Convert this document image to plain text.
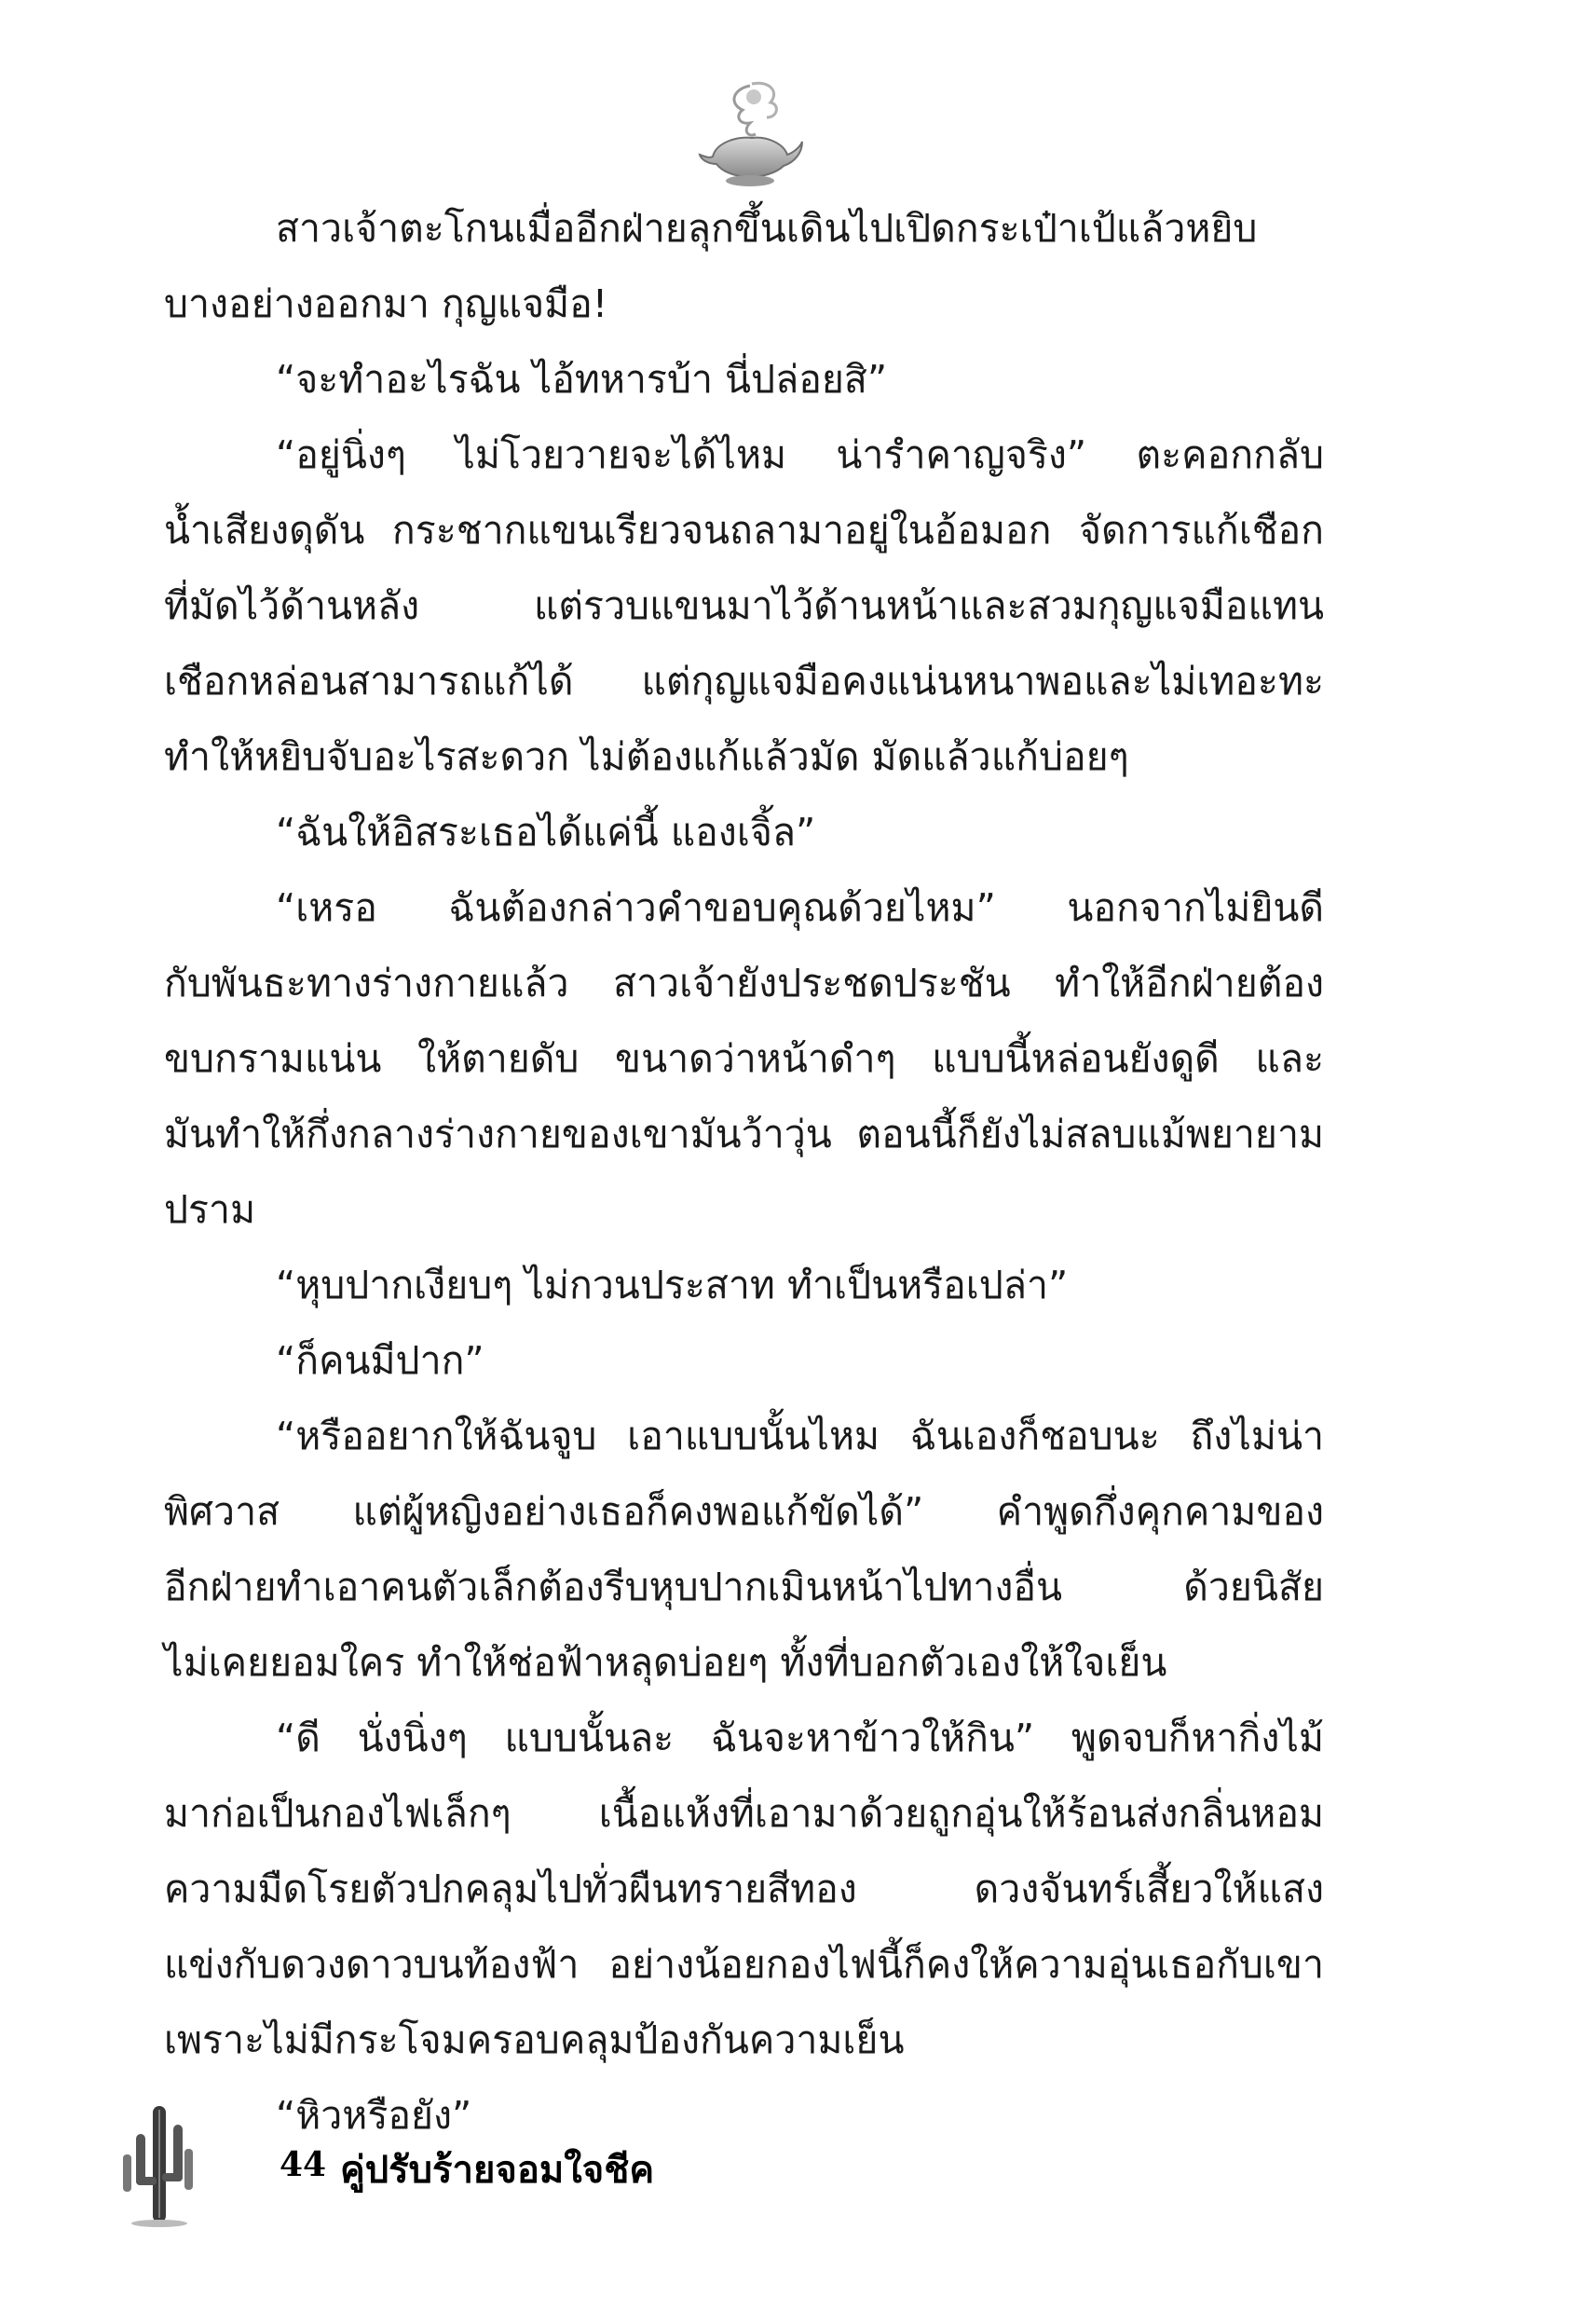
สาวเจ้าตะโกนเมื่ออีกฝ่ายลุกขึ้นเดินไปเปิดกระเป๋าเป้แล้วหยิบ
บางอย่างออกมา กุญแจมือ!
“จะทำอะไรฉัน ไอ้ทหารบ้า นี่ปล่อยสิ”
“อยู่นิ่งๆ ไม่โวยวายจะได้ไหม น่ารำคาญจริง” ตะคอกกลับ
น้ำเสียงดุดัน กระชากแขนเรียวจนถลามาอยู่ในอ้อมอก จัดการแก้เชือก
ที่มัดไว้ด้านหลัง แต่รวบแขนมาไว้ด้านหน้าและสวมกุญแจมือแทน
เชือกหล่อนสามารถแก้ได้ แต่กุญแจมือคงแน่นหนาพอและไม่เทอะทะ
ทำให้หยิบจับอะไรสะดวก ไม่ต้องแก้แล้วมัด มัดแล้วแก้บ่อยๆ
“ฉันให้อิสระเธอได้แค่นี้ แองเจิ้ล”
“เหรอ ฉันต้องกล่าวคำขอบคุณด้วยไหม” นอกจากไม่ยินดี
กับพันธะทางร่างกายแล้ว สาวเจ้ายังประชดประชัน ทำให้อีกฝ่ายต้อง
ขบกรามแน่น ให้ตายดับ ขนาดว่าหน้าดำๆ แบบนี้หล่อนยังดูดี และ
มันทำให้กึ่งกลางร่างกายของเขามันว้าวุ่น ตอนนี้ก็ยังไม่สลบแม้พยายาม
ปราม
“หุบปากเงียบๆ ไม่กวนประสาท ทำเป็นหรือเปล่า”
“ก็คนมีปาก”
“หรืออยากให้ฉันจูบ เอาแบบนั้นไหม ฉันเองก็ชอบนะ ถึงไม่น่า
พิศวาส แต่ผู้หญิงอย่างเธอก็คงพอแก้ขัดได้” คำพูดกึ่งคุกคามของ
อีกฝ่ายทำเอาคนตัวเล็กต้องรีบหุบปากเมินหน้าไปทางอื่น ด้วยนิสัย
ไม่เคยยอมใคร ทำให้ช่อฟ้าหลุดบ่อยๆ ทั้งที่บอกตัวเองให้ใจเย็น
“ดี นั่งนิ่งๆ แบบนั้นละ ฉันจะหาข้าวให้กิน” พูดจบก็หากิ่งไม้
มาก่อเป็นกองไฟเล็กๆ เนื้อแห้งที่เอามาด้วยถูกอุ่นให้ร้อนส่งกลิ่นหอม
ความมืดโรยตัวปกคลุมไปทั่วผืนทรายสีทอง ดวงจันทร์เสี้ยวให้แสง
แข่งกับดวงดาวบนท้องฟ้า อย่างน้อยกองไฟนี้ก็คงให้ความอุ่นเธอกับเขา
เพราะไม่มีกระโจมครอบคลุมป้องกันความเย็น
“หิวหรือยัง”
44 คู่ปรับร้ายจอมใจชีค
